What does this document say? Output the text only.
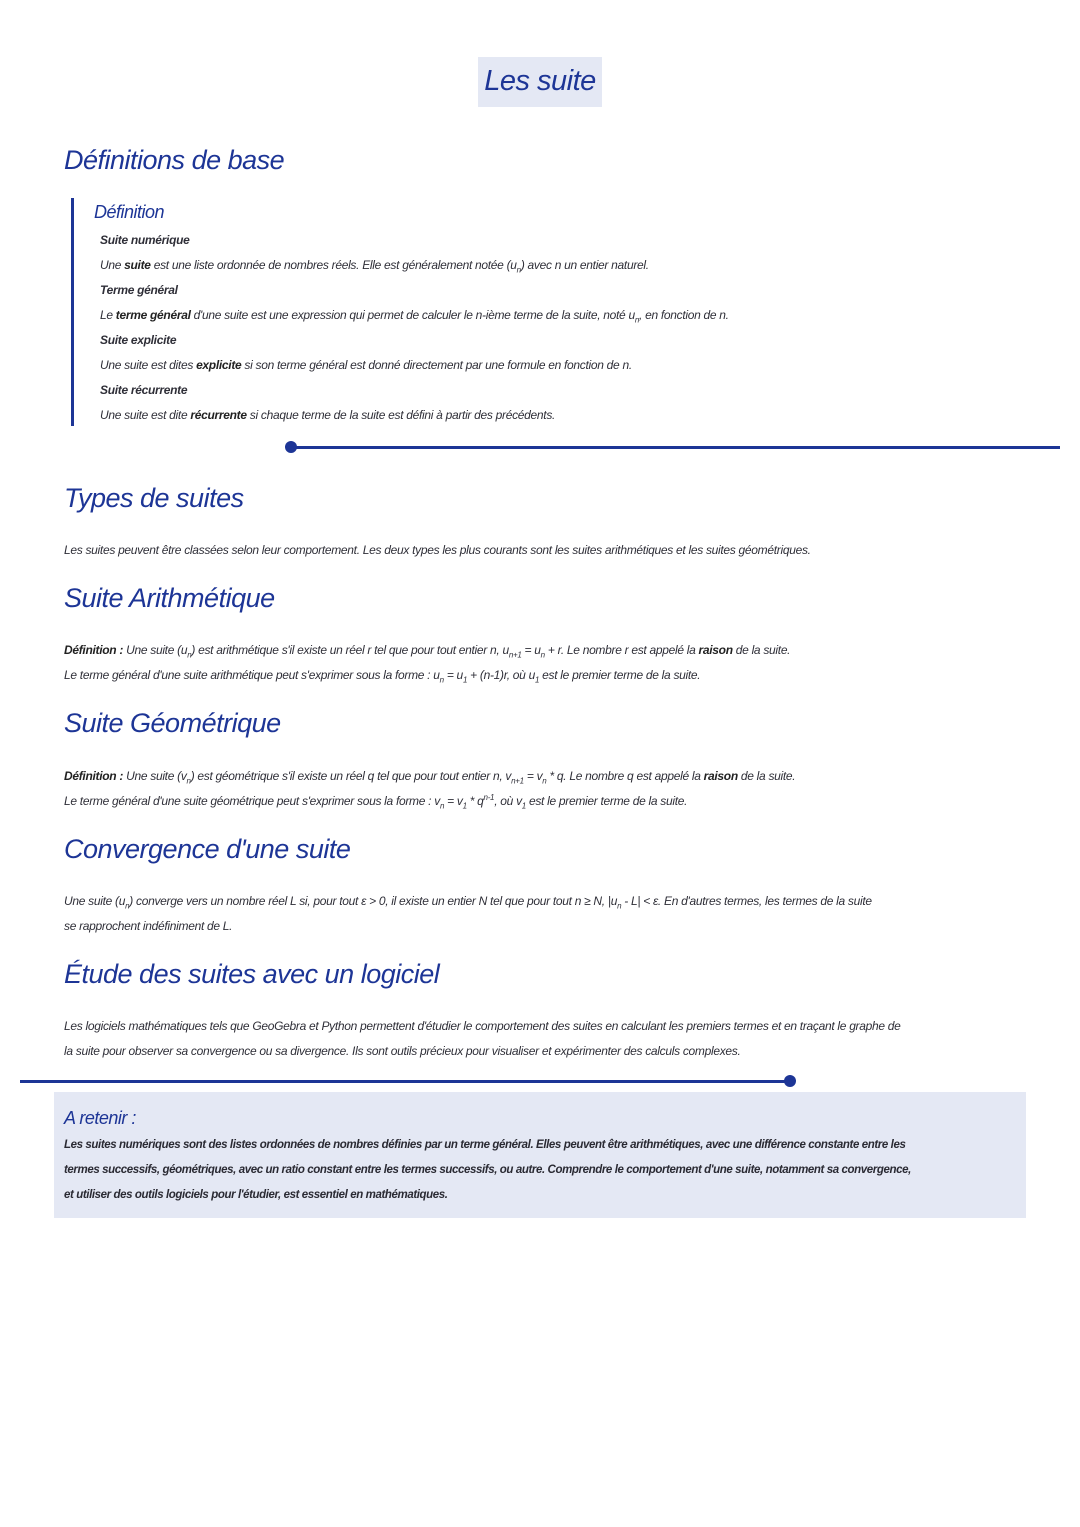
Les suite
Définitions de base
Définition
Suite numérique
Une suite est une liste ordonnée de nombres réels. Elle est généralement notée $(u_n)$ avec n un entier naturel.
Terme général
Le terme général d'une suite est une expression qui permet de calculer le n-ième terme de la suite, noté $u_n$, en fonction de n.
Suite explicite
Une suite est dites explicite si son terme général est donné directement par une formule en fonction de n.
Suite récurrente
Une suite est dite récurrente si chaque terme de la suite est défini à partir des précédents.
Types de suites
Les suites peuvent être classées selon leur comportement. Les deux types les plus courants sont les suites arithmétiques et les suites géométriques.
Suite Arithmétique
Définition : Une suite $(u_n)$ est arithmétique s'il existe un réel r tel que pour tout entier n, $u_{n+1} = u_n + r$. Le nombre r est appelé la raison de la suite.
Le terme général d'une suite arithmétique peut s'exprimer sous la forme : $u_n = u_1 + (n-1)r$, où $u_1$ est le premier terme de la suite.
Suite Géométrique
Définition : Une suite $(v_n)$ est géométrique s'il existe un réel q tel que pour tout entier n, $v_{n+1} = v_n * q$. Le nombre q est appelé la raison de la suite.
Le terme général d'une suite géométrique peut s'exprimer sous la forme : $v_n = v_1 * q^{n-1}$, où $v_1$ est le premier terme de la suite.
Convergence d'une suite
Une suite $(u_n)$ converge vers un nombre réel L si, pour tout ε > 0, il existe un entier N tel que pour tout n ≥ N, $|u_n - L| < \varepsilon$. En d'autres termes, les termes de la suite
se rapprochent indéfiniment de L.
Étude des suites avec un logiciel
Les logiciels mathématiques tels que GeoGebra et Python permettent d'étudier le comportement des suites en calculant les premiers termes et en traçant le graphe de
la suite pour observer sa convergence ou sa divergence. Ils sont outils précieux pour visualiser et expérimenter des calculs complexes.
A retenir :
Les suites numériques sont des listes ordonnées de nombres définies par un terme général. Elles peuvent être arithmétiques, avec une différence constante entre les
termes successifs, géométriques, avec un ratio constant entre les termes successifs, ou autre. Comprendre le comportement d'une suite, notamment sa convergence,
et utiliser des outils logiciels pour l'étudier, est essentiel en mathématiques.
